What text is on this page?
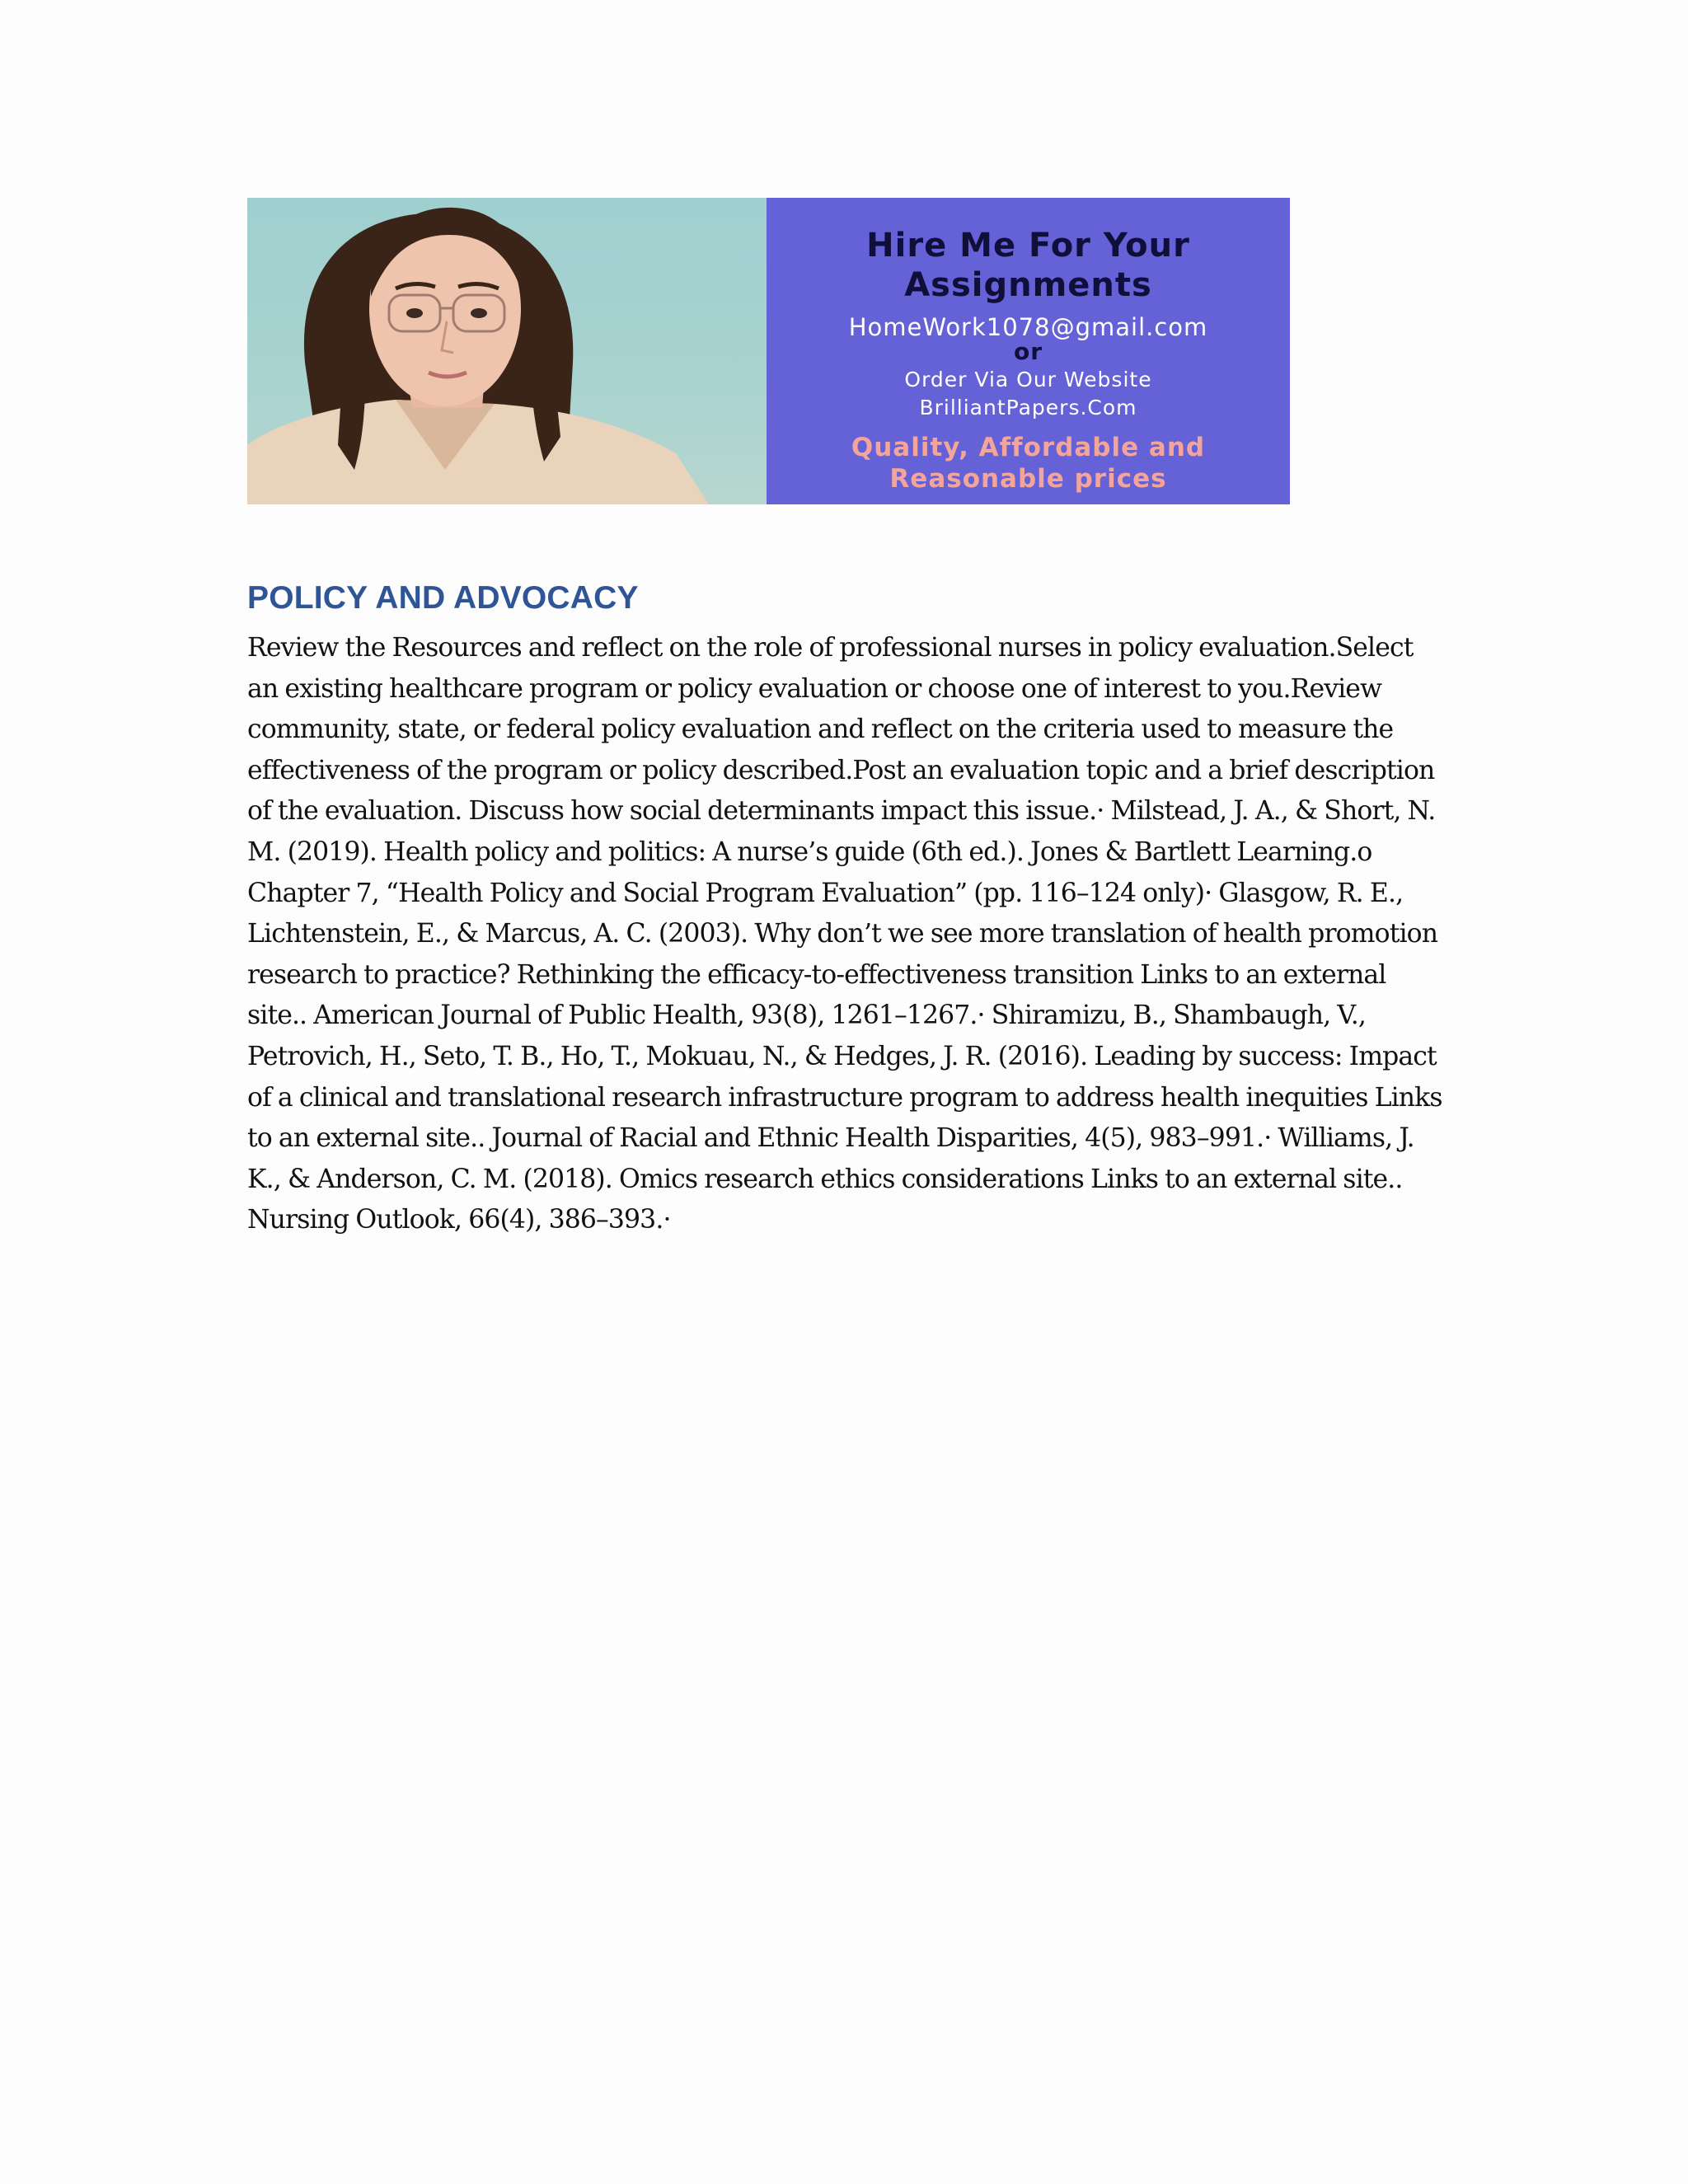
Hire Me For Your Assignments
HomeWork1078@gmail.com
or
Order Via Our Website
BrilliantPapers.Com
Quality, Affordable and Reasonable prices
POLICY AND ADVOCACY

Review the Resources and reflect on the role of professional nurses in policy evaluation.Select an existing healthcare program or policy evaluation or choose one of interest to you.Review community, state, or federal policy evaluation and reflect on the criteria used to measure the effectiveness of the program or policy described.Post an evaluation topic and a brief description of the evaluation. Discuss how social determinants impact this issue.· Milstead, J. A., & Short, N. M. (2019). Health policy and politics: A nurse’s guide (6th ed.). Jones & Bartlett Learning.o Chapter 7, “Health Policy and Social Program Evaluation” (pp. 116–124 only)· Glasgow, R. E., Lichtenstein, E., & Marcus, A. C. (2003). Why don’t we see more translation of health promotion research to practice? Rethinking the efficacy-to-effectiveness transition Links to an external site.. American Journal of Public Health, 93(8), 1261–1267.· Shiramizu, B., Shambaugh, V., Petrovich, H., Seto, T. B., Ho, T., Mokuau, N., & Hedges, J. R. (2016). Leading by success: Impact of a clinical and translational research infrastructure program to address health inequities Links to an external site.. Journal of Racial and Ethnic Health Disparities, 4(5), 983–991.· Williams, J. K., & Anderson, C. M. (2018). Omics research ethics considerations Links to an external site.. Nursing Outlook, 66(4), 386–393.·
